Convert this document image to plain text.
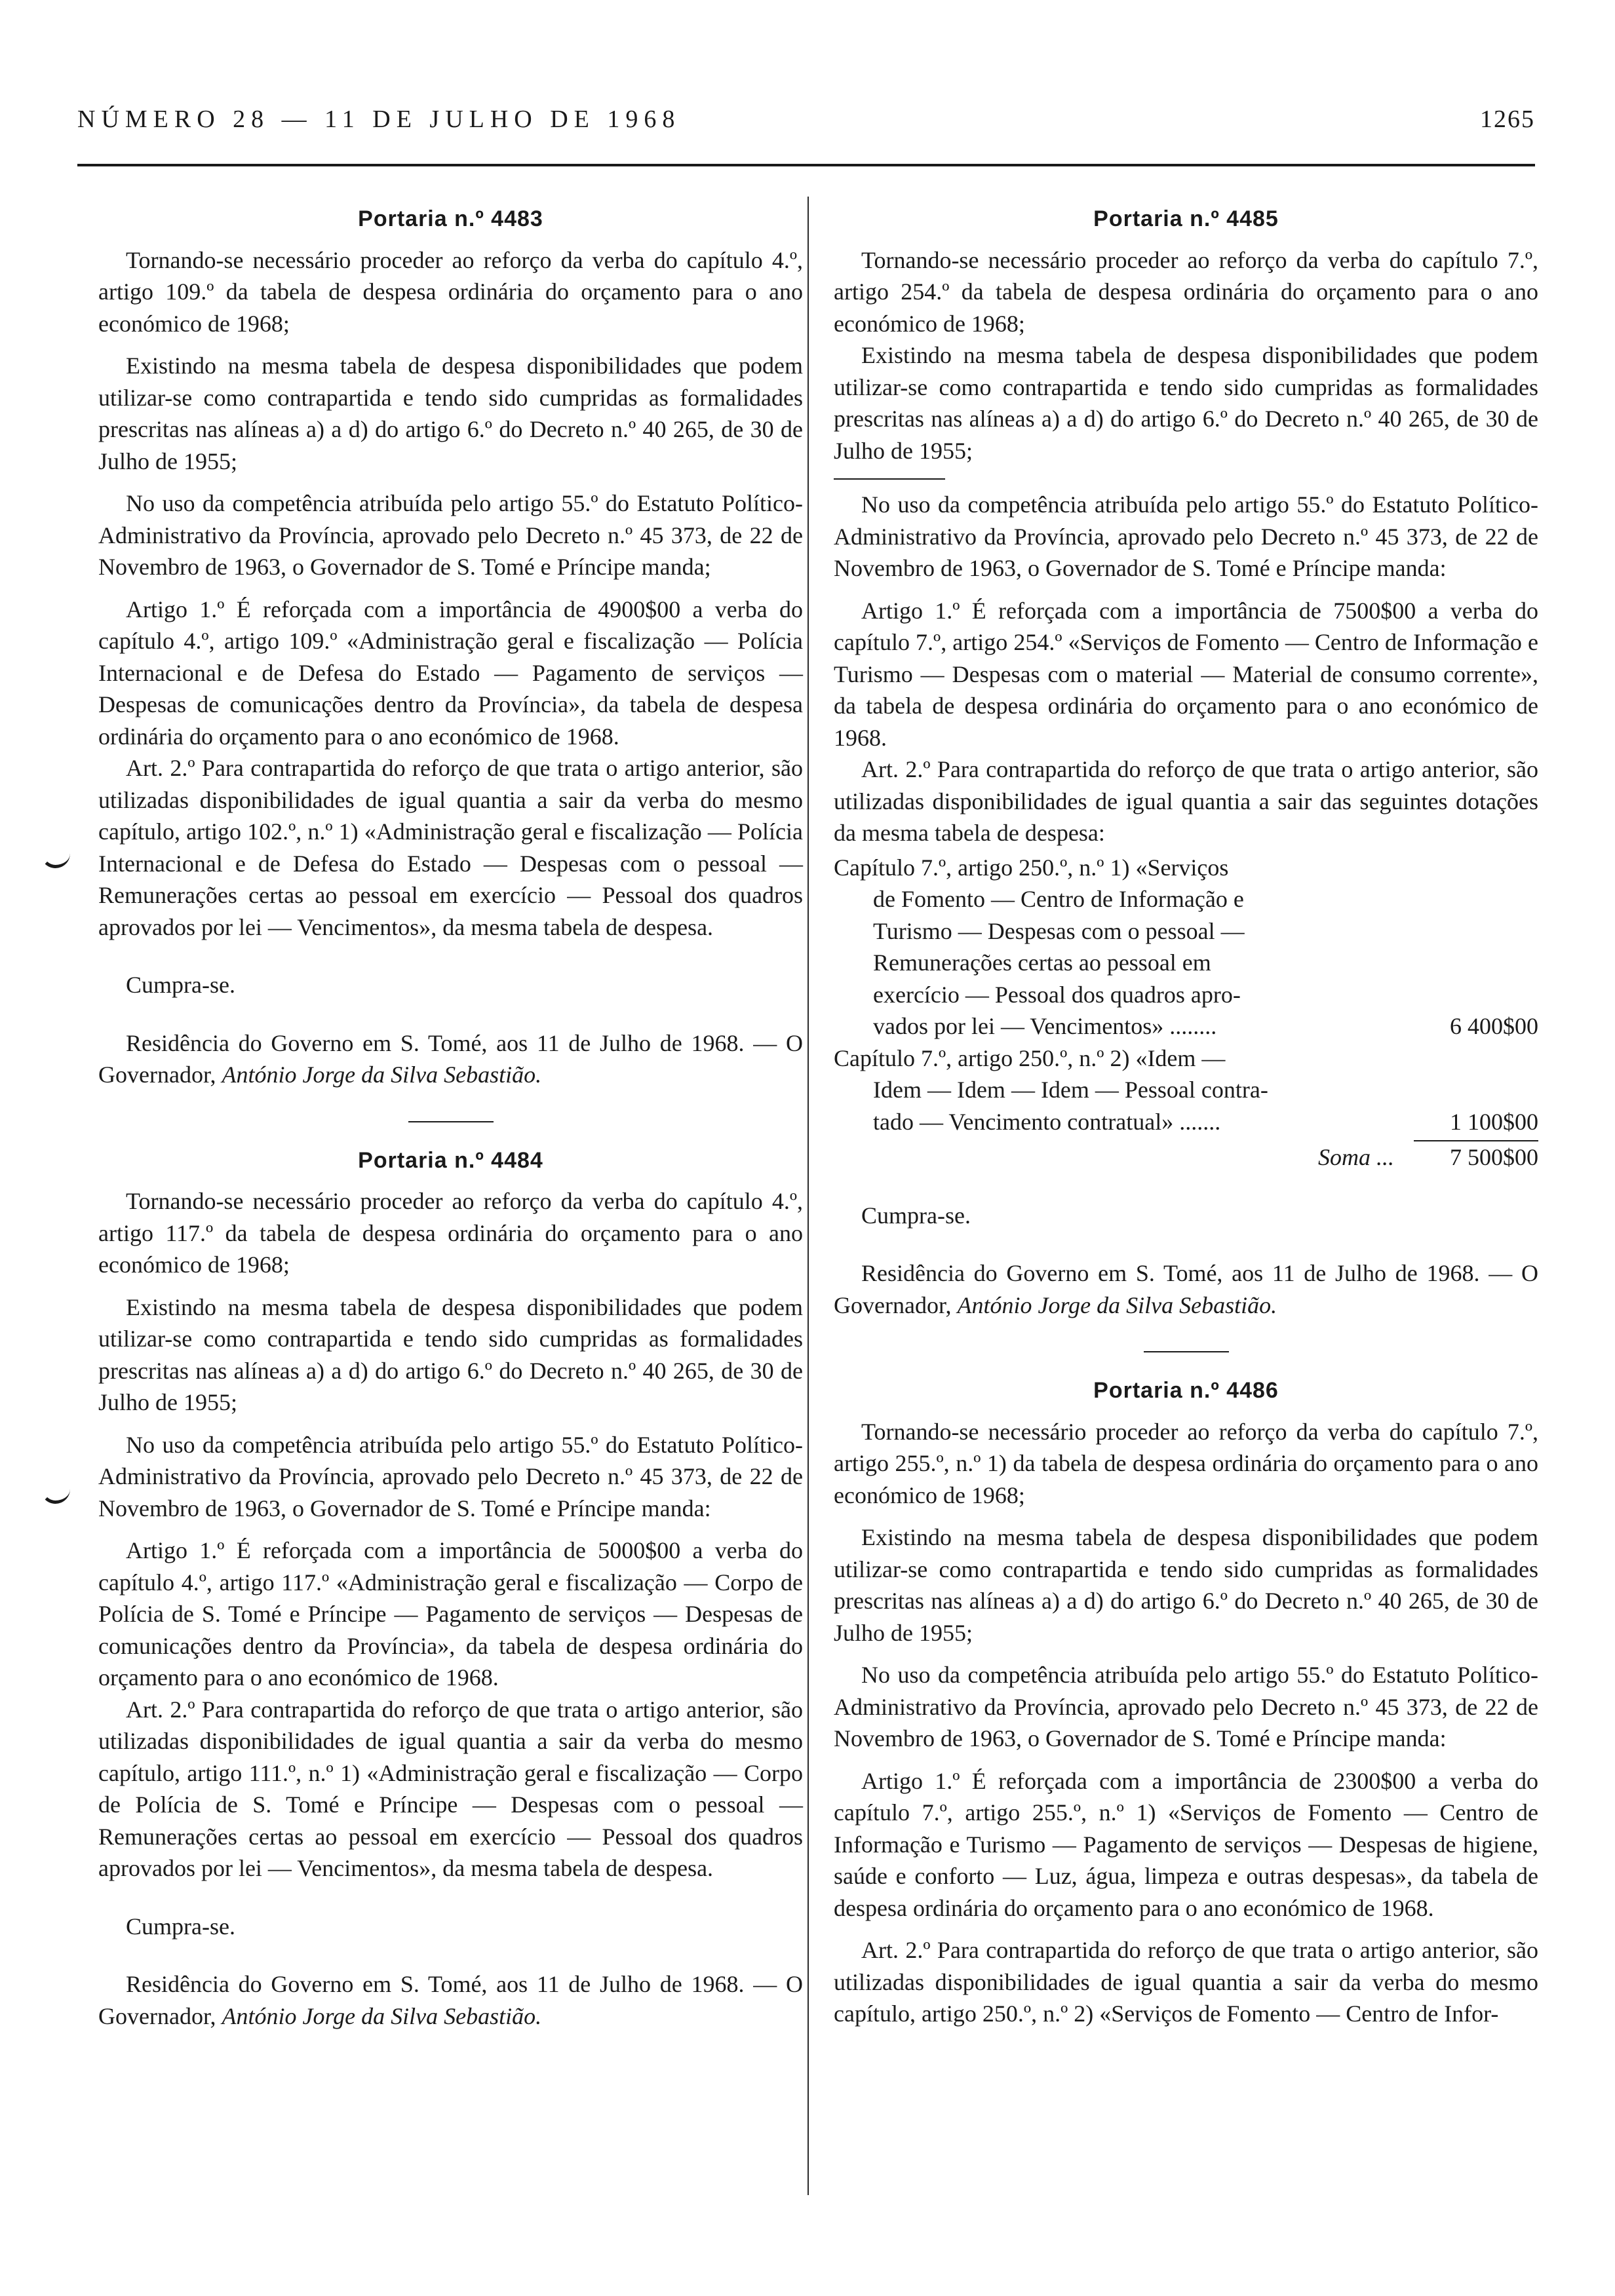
NÚMERO 28 — 11 DE JULHO DE 1968	1265
Portaria n.º 4483

Tornando-se necessário proceder ao reforço da verba do capítulo 4.º, artigo 109.º da tabela de despesa ordinária do orçamento para o ano económico de 1968;

Existindo na mesma tabela de despesa disponibilidades que podem utilizar-se como contrapartida e tendo sido cumpridas as formalidades prescritas nas alíneas a) a d) do artigo 6.º do Decreto n.º 40 265, de 30 de Julho de 1955;

No uso da competência atribuída pelo artigo 55.º do Estatuto Político-Administrativo da Província, aprovado pelo Decreto n.º 45 373, de 22 de Novembro de 1963, o Governador de S. Tomé e Príncipe manda;

Artigo 1.º É reforçada com a importância de 4900$00 a verba do capítulo 4.º, artigo 109.º «Administração geral e fiscalização — Polícia Internacional e de Defesa do Estado — Pagamento de serviços — Despesas de comunicações dentro da Província», da tabela de despesa ordinária do orçamento para o ano económico de 1968.

Art. 2.º Para contrapartida do reforço de que trata o artigo anterior, são utilizadas disponibilidades de igual quantia a sair da verba do mesmo capítulo, artigo 102.º, n.º 1) «Administração geral e fiscalização — Polícia Internacional e de Defesa do Estado — Despesas com o pessoal — Remunerações certas ao pessoal em exercício — Pessoal dos quadros aprovados por lei — Vencimentos», da mesma tabela de despesa.

Cumpra-se.

Residência do Governo em S. Tomé, aos 11 de Julho de 1968. — O Governador, António Jorge da Silva Sebastião.

Portaria n.º 4484

Tornando-se necessário proceder ao reforço da verba do capítulo 4.º, artigo 117.º da tabela de despesa ordinária do orçamento para o ano económico de 1968;

Existindo na mesma tabela de despesa disponibilidades que podem utilizar-se como contrapartida e tendo sido cumpridas as formalidades prescritas nas alíneas a) a d) do artigo 6.º do Decreto n.º 40 265, de 30 de Julho de 1955;

No uso da competência atribuída pelo artigo 55.º do Estatuto Político-Administrativo da Província, aprovado pelo Decreto n.º 45 373, de 22 de Novembro de 1963, o Governador de S. Tomé e Príncipe manda:

Artigo 1.º É reforçada com a importância de 5000$00 a verba do capítulo 4.º, artigo 117.º «Administração geral e fiscalização — Corpo de Polícia de S. Tomé e Príncipe — Pagamento de serviços — Despesas de comunicações dentro da Província», da tabela de despesa ordinária do orçamento para o ano económico de 1968.

Art. 2.º Para contrapartida do reforço de que trata o artigo anterior, são utilizadas disponibilidades de igual quantia a sair da verba do mesmo capítulo, artigo 111.º, n.º 1) «Administração geral e fiscalização — Corpo de Polícia de S. Tomé e Príncipe — Despesas com o pessoal — Remunerações certas ao pessoal em exercício — Pessoal dos quadros aprovados por lei — Vencimentos», da mesma tabela de despesa.

Cumpra-se.

Residência do Governo em S. Tomé, aos 11 de Julho de 1968. — O Governador, António Jorge da Silva Sebastião.

Portaria n.º 4485

Tornando-se necessário proceder ao reforço da verba do capítulo 7.º, artigo 254.º da tabela de despesa ordinária do orçamento para o ano económico de 1968;

Existindo na mesma tabela de despesa disponibilidades que podem utilizar-se como contrapartida e tendo sido cumpridas as formalidades prescritas nas alíneas a) a d) do artigo 6.º do Decreto n.º 40 265, de 30 de Julho de 1955;

No uso da competência atribuída pelo artigo 55.º do Estatuto Político-Administrativo da Província, aprovado pelo Decreto n.º 45 373, de 22 de Novembro de 1963, o Governador de S. Tomé e Príncipe manda:

Artigo 1.º É reforçada com a importância de 7500$00 a verba do capítulo 7.º, artigo 254.º «Serviços de Fomento — Centro de Informação e Turismo — Despesas com o material — Material de consumo corrente», da tabela de despesa ordinária do orçamento para o ano económico de 1968.

Art. 2.º Para contrapartida do reforço de que trata o artigo anterior, são utilizadas disponibilidades de igual quantia a sair das seguintes dotações da mesma tabela de despesa:

Capítulo 7.º, artigo 250.º, n.º 1) «Serviços
de Fomento — Centro de Informação e
Turismo — Despesas com o pessoal —
Remunerações certas ao pessoal em
exercício — Pessoal dos quadros apro-
vados por lei — Vencimentos» ........	6 400$00
Capítulo 7.º, artigo 250.º, n.º 2) «Idem —
Idem — Idem — Idem — Pessoal contra-
tado — Vencimento contratual» .......	1 100$00
Soma ...	7 500$00

Cumpra-se.

Residência do Governo em S. Tomé, aos 11 de Julho de 1968. — O Governador, António Jorge da Silva Sebastião.

Portaria n.º 4486

Tornando-se necessário proceder ao reforço da verba do capítulo 7.º, artigo 255.º, n.º 1) da tabela de despesa ordinária do orçamento para o ano económico de 1968;

Existindo na mesma tabela de despesa disponibilidades que podem utilizar-se como contrapartida e tendo sido cumpridas as formalidades prescritas nas alíneas a) a d) do artigo 6.º do Decreto n.º 40 265, de 30 de Julho de 1955;

No uso da competência atribuída pelo artigo 55.º do Estatuto Político-Administrativo da Província, aprovado pelo Decreto n.º 45 373, de 22 de Novembro de 1963, o Governador de S. Tomé e Príncipe manda:

Artigo 1.º É reforçada com a importância de 2300$00 a verba do capítulo 7.º, artigo 255.º, n.º 1) «Serviços de Fomento — Centro de Informação e Turismo — Pagamento de serviços — Despesas de higiene, saúde e conforto — Luz, água, limpeza e outras despesas», da tabela de despesa ordinária do orçamento para o ano económico de 1968.

Art. 2.º Para contrapartida do reforço de que trata o artigo anterior, são utilizadas disponibilidades de igual quantia a sair da verba do mesmo capítulo, artigo 250.º, n.º 2) «Serviços de Fomento — Centro de Infor-
